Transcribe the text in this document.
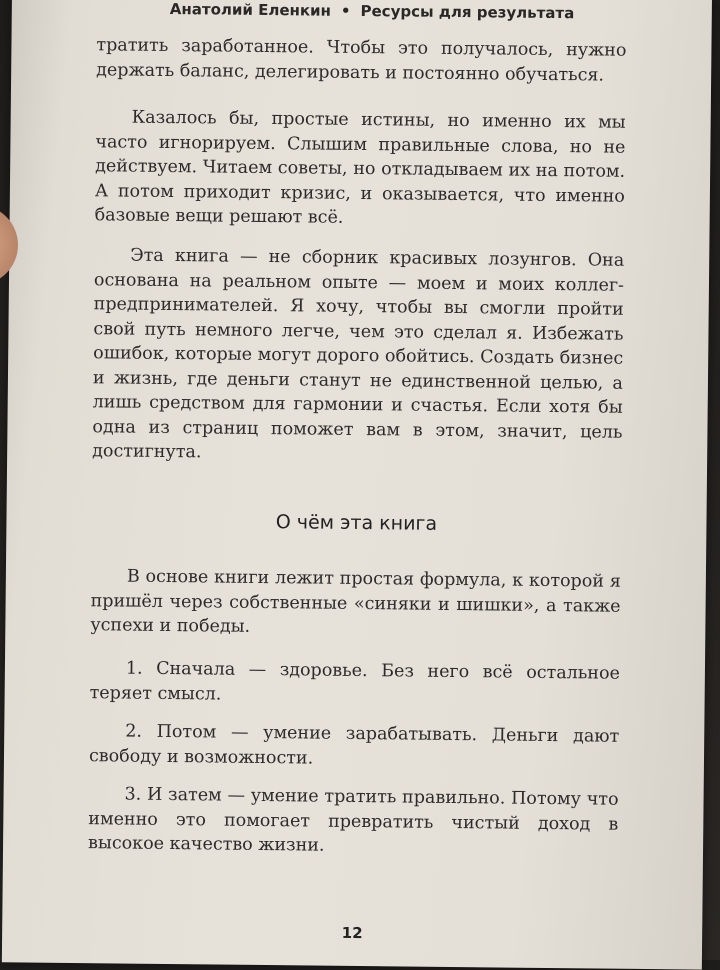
Анатолий Еленкин • Ресурсы для результата

тратить заработанное. Чтобы это получалось, нужно держать баланс, делегировать и постоянно обучаться.

Казалось бы, простые истины, но именно их мы часто игнорируем. Слышим правильные слова, но не действуем. Читаем советы, но откладываем их на потом. А потом приходит кризис, и оказывается, что именно базовые вещи решают всё.

Эта книга — не сборник красивых лозунгов. Она основана на реальном опыте — моем и моих коллег-предпринимателей. Я хочу, чтобы вы смогли пройти свой путь немного легче, чем это сделал я. Избежать ошибок, которые могут дорого обойтись. Создать бизнес и жизнь, где деньги станут не единственной целью, а лишь средством для гармонии и счастья. Если хотя бы одна из страниц поможет вам в этом, значит, цель достигнута.

О чём эта книга

В основе книги лежит простая формула, к которой я пришёл через собственные «синяки и шишки», а также успехи и победы.

1. Сначала — здоровье. Без него всё остальное теряет смысл.

2. Потом — умение зарабатывать. Деньги дают свободу и возможности.

3. И затем — умение тратить правильно. Потому что именно это помогает превратить чистый доход в высокое качество жизни.

12
